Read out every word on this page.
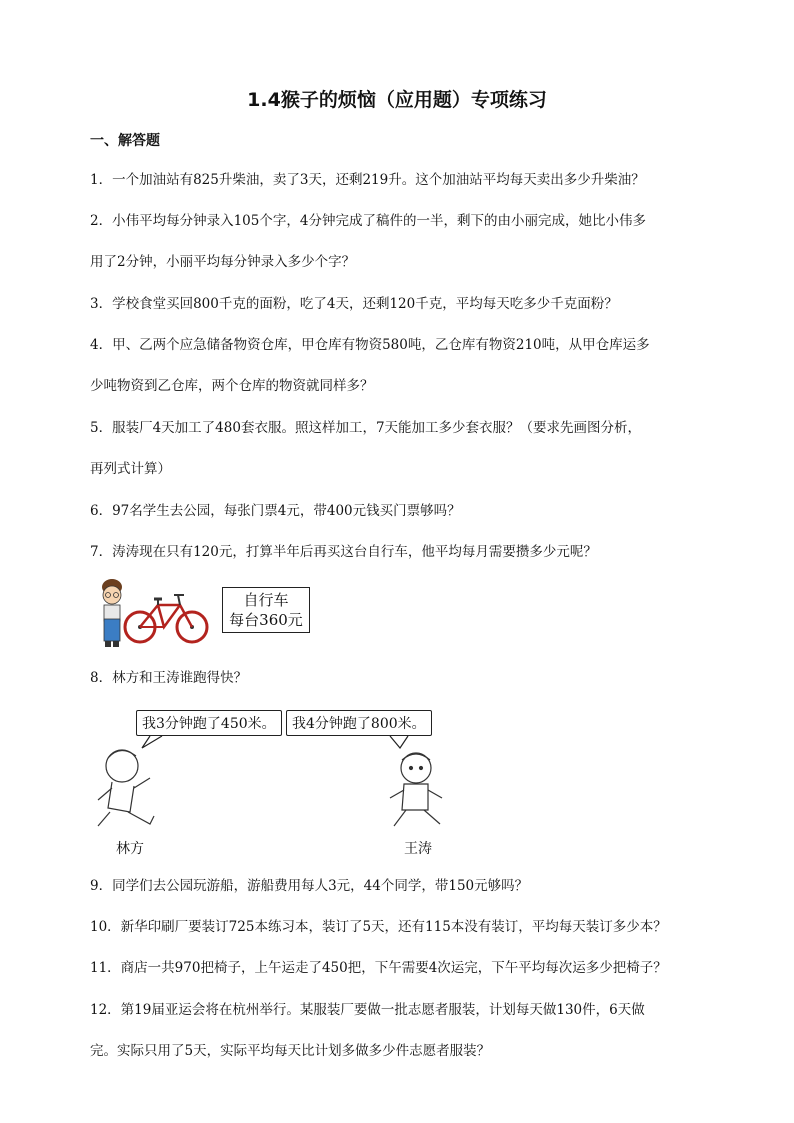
1.4猴子的烦恼（应用题）专项练习
一、解答题

1．一个加油站有825升柴油，卖了3天，还剩219升。这个加油站平均每天卖出多少升柴油？

2．小伟平均每分钟录入105个字，4分钟完成了稿件的一半，剩下的由小丽完成，她比小伟多

用了2分钟，小丽平均每分钟录入多少个字？

3．学校食堂买回800千克的面粉，吃了4天，还剩120千克，平均每天吃多少千克面粉？

4．甲、乙两个应急储备物资仓库，甲仓库有物资580吨，乙仓库有物资210吨，从甲仓库运多

少吨物资到乙仓库，两个仓库的物资就同样多？

5．服装厂4天加工了480套衣服。照这样加工，7天能加工多少套衣服？（要求先画图分析，

再列式计算）

6．97名学生去公园，每张门票4元，带400元钱买门票够吗？

7．涛涛现在只有120元，打算半年后再买这台自行车，他平均每月需要攒多少元呢？

自行车
每台360元

8．林方和王涛谁跑得快？

我3分钟跑了450米。	我4分钟跑了800米。
林方	王涛

9．同学们去公园玩游船，游船费用每人3元，44个同学，带150元够吗？

10．新华印刷厂要装订725本练习本，装订了5天，还有115本没有装订，平均每天装订多少本？

11．商店一共970把椅子，上午运走了450把，下午需要4次运完，下午平均每次运多少把椅子？

12．第19届亚运会将在杭州举行。某服装厂要做一批志愿者服装，计划每天做130件，6天做

完。实际只用了5天，实际平均每天比计划多做多少件志愿者服装？
